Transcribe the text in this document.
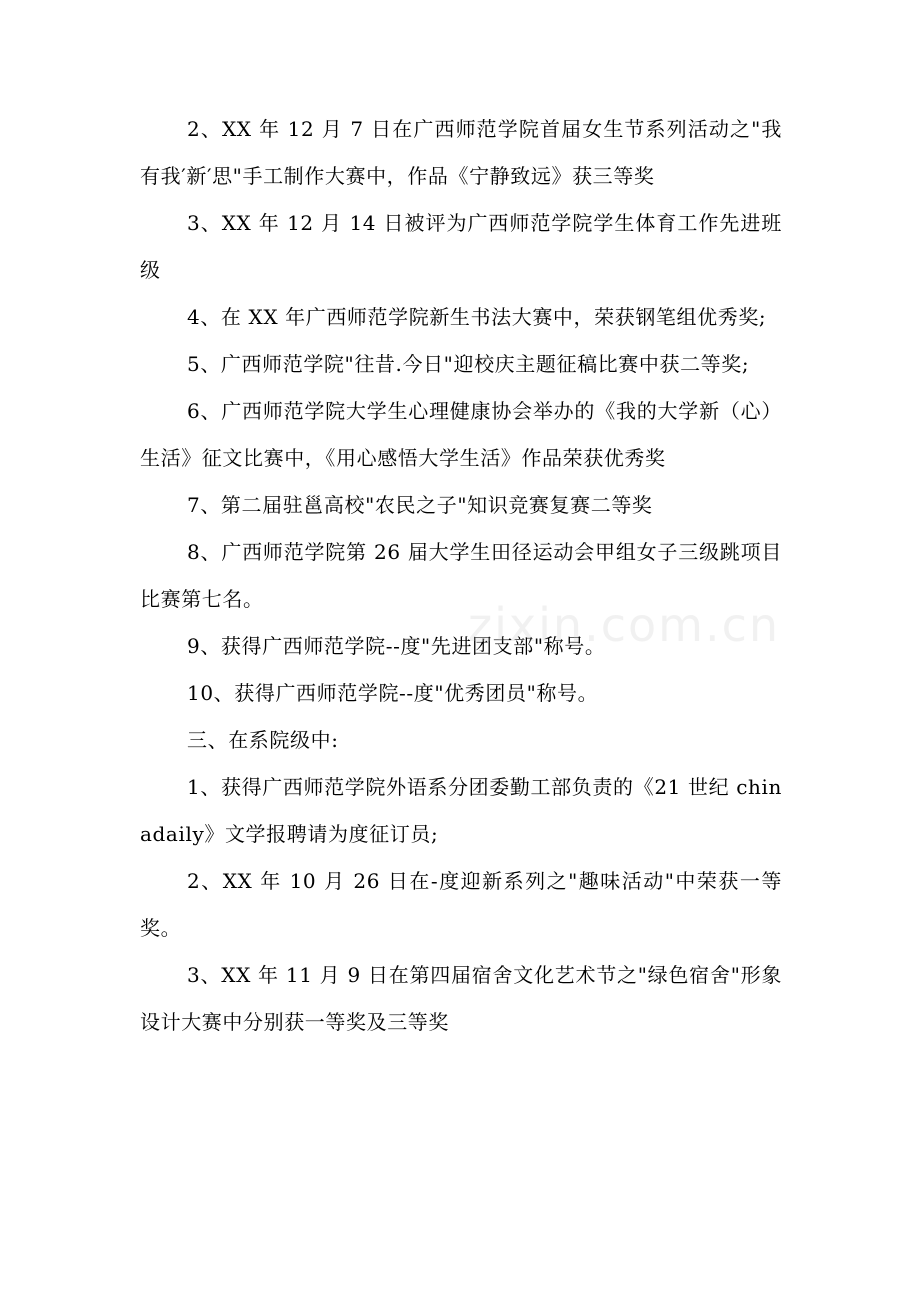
2、XX 年 12 月 7 日在广西师范学院首届女生节系列活动之"我有我′新′思"手工制作大赛中，作品《宁静致远》获三等奖

3、XX 年 12 月 14 日被评为广西师范学院学生体育工作先进班级

4、在 XX 年广西师范学院新生书法大赛中，荣获钢笔组优秀奖;

5、广西师范学院"往昔.今日"迎校庆主题征稿比赛中获二等奖;

6、广西师范学院大学生心理健康协会举办的《我的大学新（心）生活》征文比赛中，《用心感悟大学生活》作品荣获优秀奖

7、第二届驻邕高校"农民之子"知识竞赛复赛二等奖

8、广西师范学院第 26 届大学生田径运动会甲组女子三级跳项目比赛第七名。

9、获得广西师范学院--度"先进团支部"称号。

10、获得广西师范学院--度"优秀团员"称号。

三、在系院级中:

1、获得广西师范学院外语系分团委勤工部负责的《21 世纪 chinadaily》文学报聘请为度征订员;

2、XX 年 10 月 26 日在-度迎新系列之"趣味活动"中荣获一等奖。

3、XX 年 11 月 9 日在第四届宿舍文化艺术节之"绿色宿舍"形象设计大赛中分别获一等奖及三等奖

zixin.com.cn
